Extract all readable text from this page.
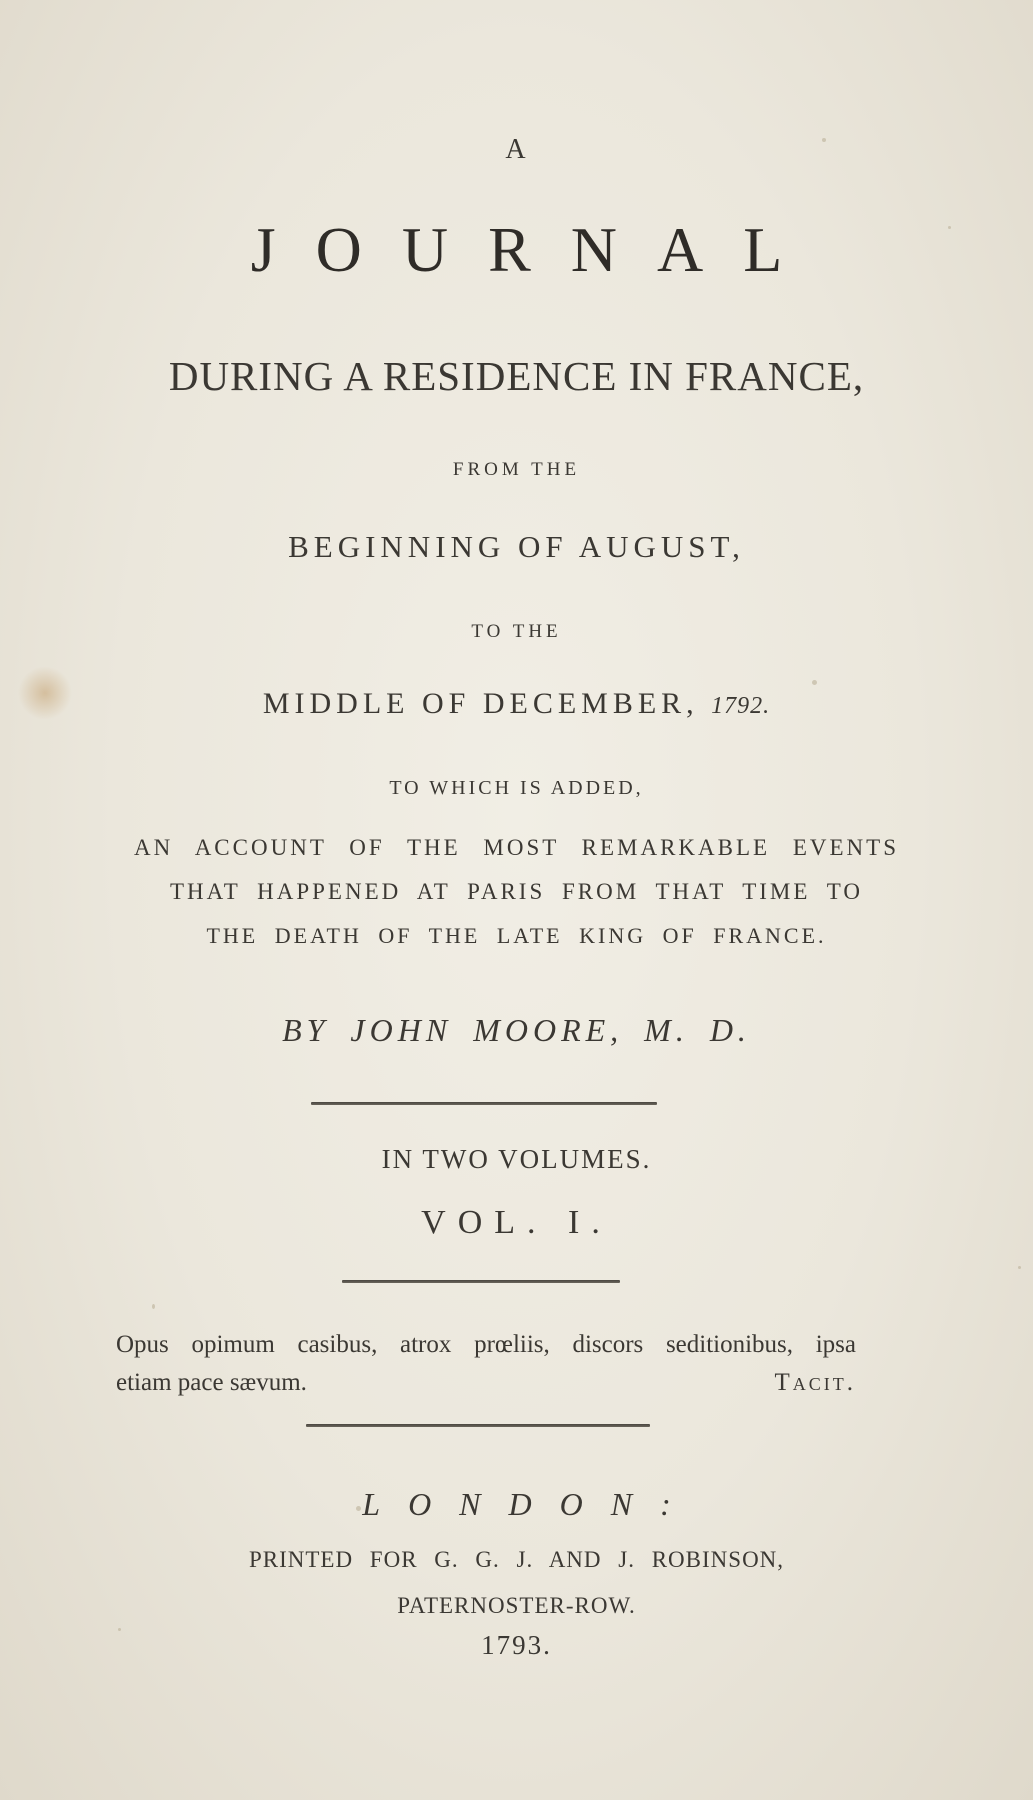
A
JOURNAL
DURING A RESIDENCE IN FRANCE,
FROM THE
BEGINNING OF AUGUST,
TO THE
MIDDLE OF DECEMBER, 1792.
TO WHICH IS ADDED,
AN ACCOUNT OF THE MOST REMARKABLE EVENTS
THAT HAPPENED AT PARIS FROM THAT TIME TO
THE DEATH OF THE LATE KING OF FRANCE.
BY JOHN MOORE, M. D.
IN TWO VOLUMES.
VOL. I.
Opus opimum casibus, atrox prœliis, discors seditionibus, ipsa
etiam pace sævum.	Tacit.
LONDON:
PRINTED FOR G. G. J. AND J. ROBINSON,
PATERNOSTER-ROW.
1793.
